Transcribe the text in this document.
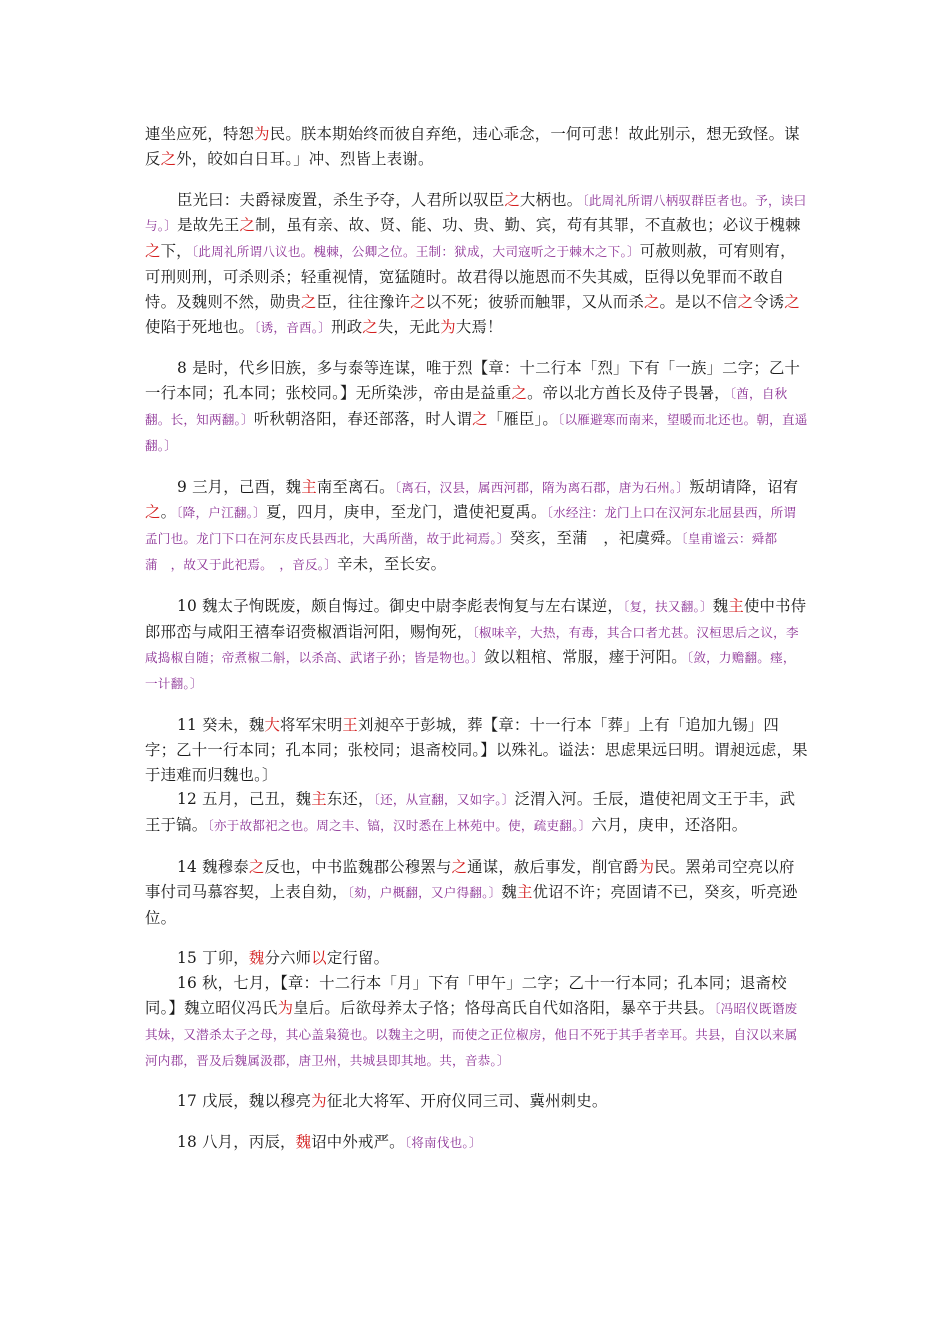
連坐应死，特恕为民。朕本期始终而彼自弃绝，违心乖念，一何可悲！故此别示，想无致怪。谋反之外，皎如白日耳。」冲、烈皆上表谢。

臣光曰：夫爵禄废置，杀生予夺，人君所以驭臣之大柄也。〔此周礼所谓八柄驭群臣者也。予，读曰与。〕是故先王之制，虽有亲、故、贤、能、功、贵、勤、宾，苟有其罪，不直赦也；必议于槐棘之下，〔此周礼所谓八议也。槐棘，公卿之位。王制：狱成，大司寇听之于棘木之下。〕可赦则赦，可宥则宥，可刑则刑，可杀则杀；轻重视情，宽猛随时。故君得以施恩而不失其威，臣得以免罪而不敢自恃。及魏则不然，勋贵之臣，往往豫许之以不死；彼骄而触罪，又从而杀之。是以不信之令诱之使陷于死地也。〔诱，音酉。〕刑政之失，无此为大焉！

8 是时，代乡旧族，多与泰等连谋，唯于烈【章：十二行本「烈」下有「一族」二字；乙十一行本同；孔本同；张校同。】无所染涉，帝由是益重之。帝以北方酋长及侍子畏暑，〔酋，自秋翻。长，知两翻。〕听秋朝洛阳，春还部落，时人谓之「雁臣」。〔以雁避寒而南来，望暖而北还也。朝，直遥翻。〕

9 三月，己酉，魏主南至离石。〔离石，汉县，属西河郡，隋为离石郡，唐为石州。〕叛胡请降，诏宥之。〔降，户江翻。〕夏，四月，庚申，至龙门，遣使祀夏禹。〔水经注：龙门上口在汉河东北屈县西，所谓孟门也。龙门下口在河东皮氏县西北，大禹所凿，故于此祠焉。〕癸亥，至蒲　，祀虞舜。〔皇甫谧云：舜都蒲　，故又于此祀焉。　，音反。〕辛未，至长安。

10 魏太子恂既废，颇自悔过。御史中尉李彪表恂复与左右谋逆，〔复，扶又翻。〕魏主使中书侍郎邢峦与咸阳王禧奉诏赍椒酒诣河阳，赐恂死，〔椒味辛，大热，有毒，其合口者尤甚。汉桓思后之议，李咸捣椒自随；帝煮椒二斛，以杀高、武诸子孙；皆是物也。〕敛以粗棺、常服，瘗于河阳。〔敛，力赡翻。瘗，一计翻。〕

11 癸未，魏大将军宋明王刘昶卒于彭城，葬【章：十一行本「葬」上有「追加九锡」四字；乙十一行本同；孔本同；张校同；退斋校同。】以殊礼。谥法：思虑果远曰明。谓昶远虑，果于违难而归魏也。〕

12 五月，己丑，魏主东还，〔还，从宣翻，又如字。〕泛渭入河。壬辰，遣使祀周文王于丰，武王于镐。〔亦于故都祀之也。周之丰、镐，汉时悉在上林苑中。使，疏吏翻。〕六月，庚申，还洛阳。

14 魏穆泰之反也，中书监魏郡公穆罴与之通谋，赦后事发，削官爵为民。罴弟司空亮以府事付司马慕容契，上表自劾，〔劾，户概翻，又户得翻。〕魏主优诏不许；亮固请不已，癸亥，听亮逊位。

15 丁卯，魏分六师以定行留。

16 秋，七月，【章：十二行本「月」下有「甲午」二字；乙十一行本同；孔本同；退斋校同。】魏立昭仪冯氏为皇后。后欲母养太子恪；恪母高氏自代如洛阳，暴卒于共县。〔冯昭仪既谮废其妹，又潜杀太子之母，其心盖枭獍也。以魏主之明，而使之正位椒房，他日不死于其手者幸耳。共县，自汉以来属河内郡，晋及后魏属汲郡，唐卫州，共城县即其地。共，音恭。〕

17 戊辰，魏以穆亮为征北大将军、开府仪同三司、冀州刺史。

18 八月，丙辰，魏诏中外戒严。〔将南伐也。〕
